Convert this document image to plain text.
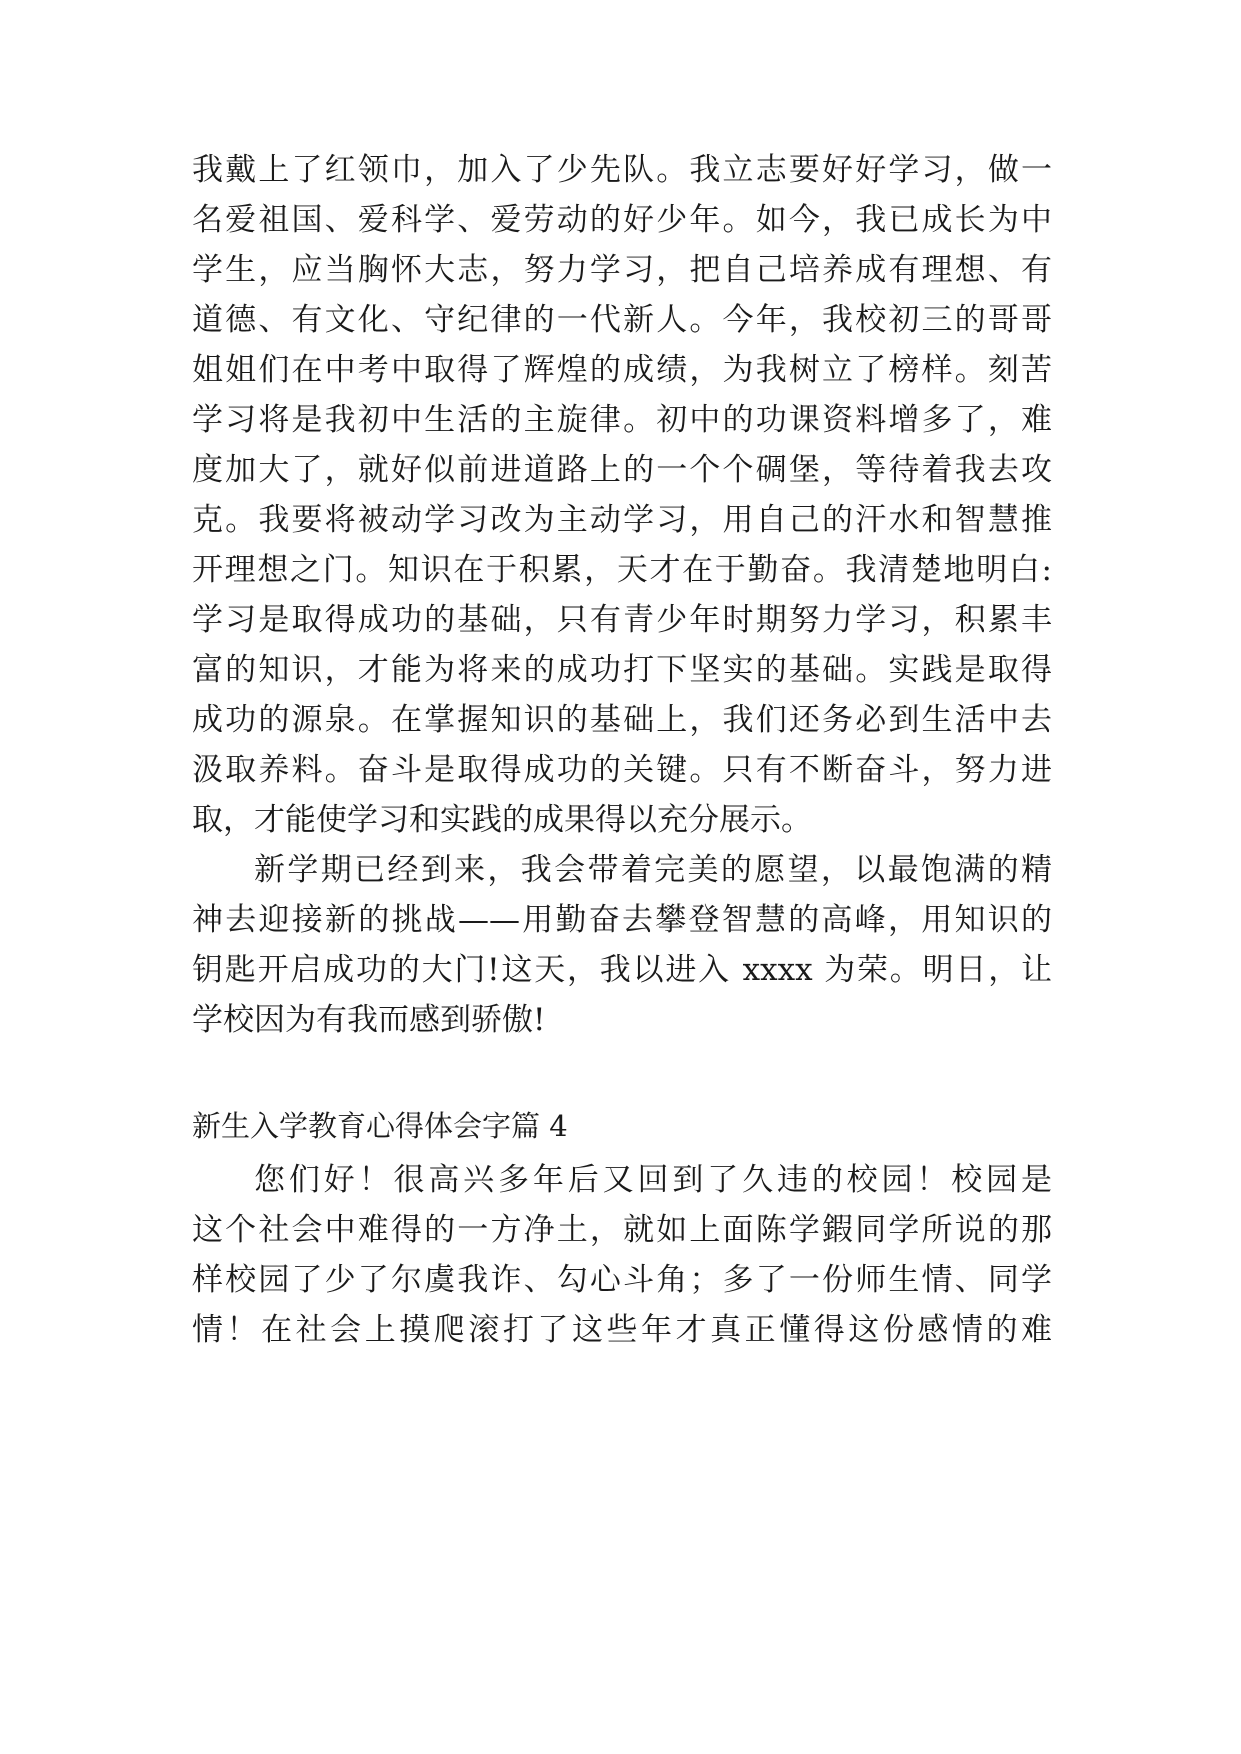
我戴上了红领巾，加入了少先队。我立志要好好学习，做一
名爱祖国、爱科学、爱劳动的好少年。如今，我已成长为中
学生，应当胸怀大志，努力学习，把自己培养成有理想、有
道德、有文化、守纪律的一代新人。今年，我校初三的哥哥
姐姐们在中考中取得了辉煌的成绩，为我树立了榜样。刻苦
学习将是我初中生活的主旋律。初中的功课资料增多了，难
度加大了，就好似前进道路上的一个个碉堡，等待着我去攻
克。我要将被动学习改为主动学习，用自己的汗水和智慧推
开理想之门。知识在于积累，天才在于勤奋。我清楚地明白:
学习是取得成功的基础，只有青少年时期努力学习，积累丰
富的知识，才能为将来的成功打下坚实的基础。实践是取得
成功的源泉。在掌握知识的基础上，我们还务必到生活中去
汲取养料。奋斗是取得成功的关键。只有不断奋斗，努力进
取，才能使学习和实践的成果得以充分展示。
新学期已经到来，我会带着完美的愿望，以最饱满的精
神去迎接新的挑战——用勤奋去攀登智慧的高峰，用知识的
钥匙开启成功的大门!这天，我以进入 xxxx 为荣。明日，让
学校因为有我而感到骄傲!
新生入学教育心得体会字篇 4
您们好！很高兴多年后又回到了久违的校园！校园是
这个社会中难得的一方净土，就如上面陈学鍜同学所说的那
样校园了少了尔虞我诈、勾心斗角；多了一份师生情、同学
情！在社会上摸爬滚打了这些年才真正懂得这份感情的难
